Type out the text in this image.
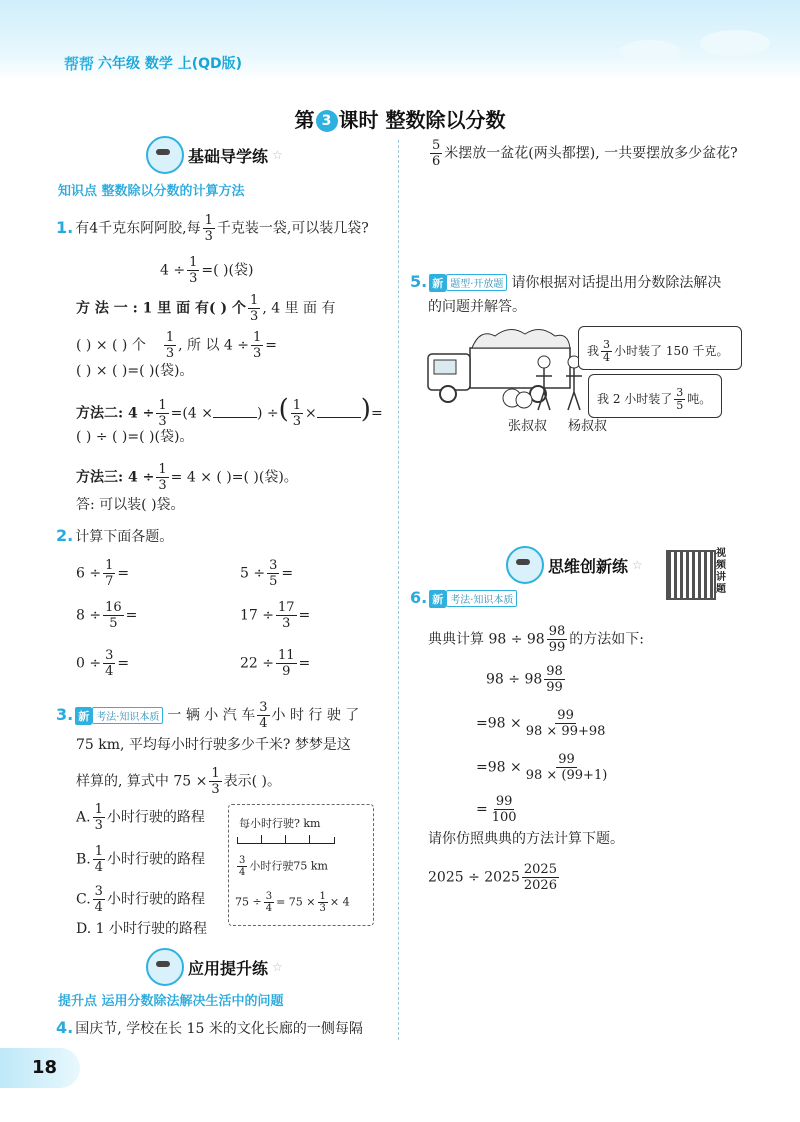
帮帮 六年级 数学 上(QD版)
第 3 课时 整数除以分数
基础导学练 ☆
知识点 整数除以分数的计算方法
1. 有4千克东阿阿胶,每 $\frac{1}{3}$ 千克装一袋,可以装几袋?
$4 \div \frac{1}{3}$ =( )(袋)
方 法 一 : 1 里 面 有( ) 个 $\frac{1}{3}$ , 4 里 面 有
( ) × ( ) 个 $\frac{1}{3}$ , 所 以 $4 \div \frac{1}{3}$ =
( ) × ( )=( )(袋)。
方法二: $4 \div \frac{1}{3} =(4$ ×	) ÷( $\frac{1}{3}$ × )=
( ) ÷ ( )=( )(袋)。
方法三: $4 \div \frac{1}{3} = 4$ × ( )=( )(袋)。
答: 可以装( )袋。
2. 计算下面各题。
$6 \div \frac{1}{7}$ =	$5 \div \frac{3}{5}$ =
$8 \div \frac{16}{5}$ =	$17 \div \frac{17}{3}$ =
$0 \div \frac{3}{4}$ =	$22 \div \frac{11}{9}$ =
3. 新 考法·知识本质 一 辆 小 汽 车 $\frac{3}{4}$ 小 时 行 驶 了
75 km, 平均每小时行驶多少千米? 梦梦是这
样算的, 算式中 $75 \times \frac{1}{3}$ 表示( )。
A. $\frac{1}{3}$ 小时行驶的路程
B. $\frac{1}{4}$ 小时行驶的路程
C. $\frac{3}{4}$ 小时行驶的路程
D. 1 小时行驶的路程
每小时行驶? km
$\frac{3}{4}$ 小时行驶75 km
$75 \div \frac{3}{4} = 75 \times \frac{1}{3} \times 4$
应用提升练 ☆
提升点 运用分数除法解决生活中的问题
4. 国庆节, 学校在长 15 米的文化长廊的一侧每隔
$\frac{5}{6}$ 米摆放一盆花(两头都摆), 一共要摆放多少盆花?
5. 新 题型·开放题 请你根据对话提出用分数除法解决
的问题并解答。
我 $\frac{3}{4}$ 小时装了 150 千克。
我 2 小时装了 $\frac{3}{5}$ 吨。
张叔叔 杨叔叔
思维创新练 ☆
视频讲题
6. 新 考法·知识本质
典典计算 $98 \div 98 \frac{98}{99}$ 的方法如下:
$98 \div 98 \frac{98}{99}$
$=98 \times \frac{99}{98 \times 99+98}$
$=98 \times \frac{99}{98 \times (99+1)}$
= $\frac{99}{100}$
请你仿照典典的方法计算下题。
$2025 \div 2025 \frac{2025}{2026}$
18
